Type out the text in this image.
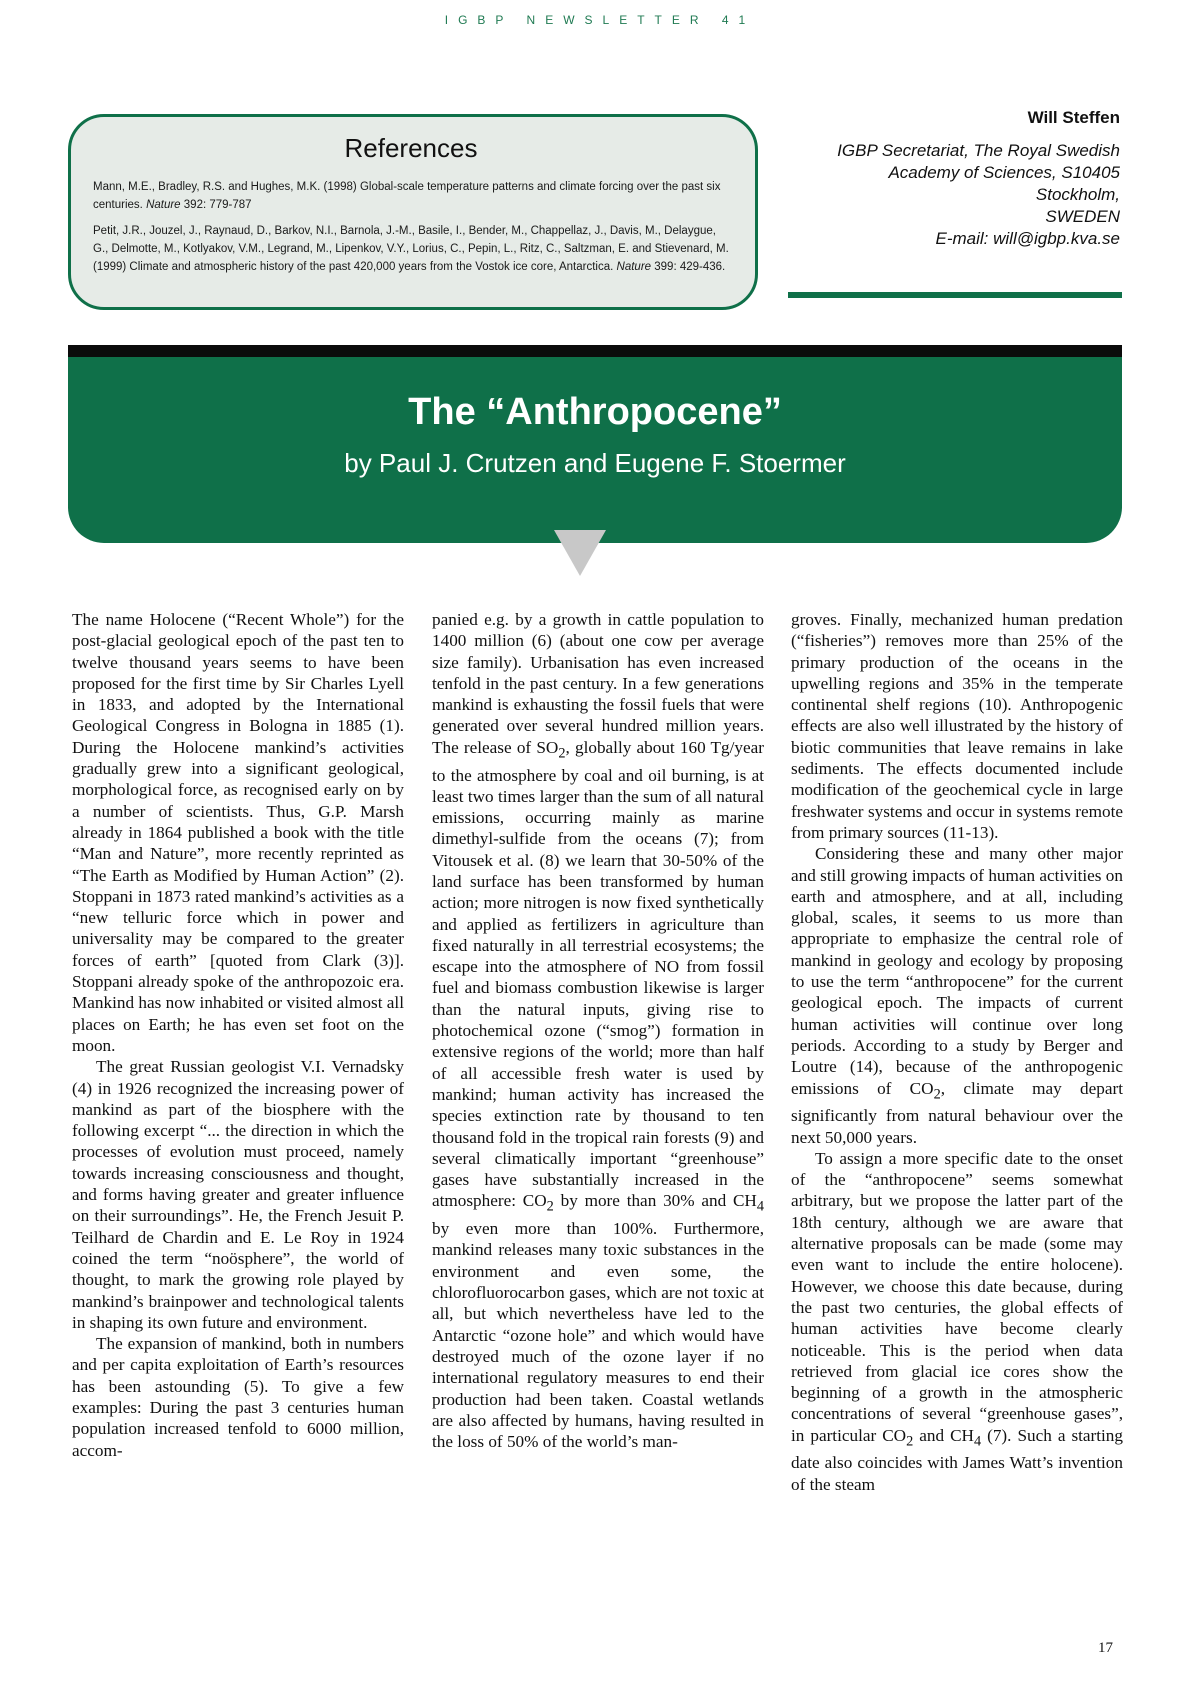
IGBP NEWSLETTER 41
References

Mann, M.E., Bradley, R.S. and Hughes, M.K. (1998) Global-scale temperature patterns and climate forcing over the past six centuries. Nature 392: 779-787

Petit, J.R., Jouzel, J., Raynaud, D., Barkov, N.I., Barnola, J.-M., Basile, I., Bender, M., Chappellaz, J., Davis, M., Delaygue, G., Delmotte, M., Kotlyakov, V.M., Legrand, M., Lipenkov, V.Y., Lorius, C., Pepin, L., Ritz, C., Saltzman, E. and Stievenard, M. (1999) Climate and atmospheric history of the past 420,000 years from the Vostok ice core, Antarctica. Nature 399: 429-436.

Will Steffen
IGBP Secretariat, The Royal Swedish
Academy of Sciences, S10405
Stockholm,
SWEDEN
E-mail: will@igbp.kva.se
The “Anthropocene”
by Paul J. Crutzen and Eugene F. Stoermer

The name Holocene (“Recent Whole”) for the post-glacial geological epoch of the past ten to twelve thousand years seems to have been proposed for the first time by Sir Charles Lyell in 1833, and adopted by the International Geological Congress in Bologna in 1885 (1). During the Holocene mankind’s activities gradually grew into a significant geological, morphological force, as recognised early on by a number of scientists. Thus, G.P. Marsh already in 1864 published a book with the title “Man and Nature”, more recently reprinted as “The Earth as Modified by Human Action” (2). Stoppani in 1873 rated mankind’s activities as a “new telluric force which in power and universality may be compared to the greater forces of earth” [quoted from Clark (3)]. Stoppani already spoke of the anthropozoic era. Mankind has now inhabited or visited almost all places on Earth; he has even set foot on the moon.

The great Russian geologist V.I. Vernadsky (4) in 1926 recognized the increasing power of mankind as part of the biosphere with the following excerpt “... the direction in which the processes of evolution must proceed, namely towards increasing consciousness and thought, and forms having greater and greater influence on their surroundings”. He, the French Jesuit P. Teilhard de Chardin and E. Le Roy in 1924 coined the term “noösphere”, the world of thought, to mark the growing role played by mankind’s brainpower and technological talents in shaping its own future and environment.

The expansion of mankind, both in numbers and per capita exploitation of Earth’s resources has been astounding (5). To give a few examples: During the past 3 centuries human population increased tenfold to 6000 million, accom-

panied e.g. by a growth in cattle population to 1400 million (6) (about one cow per average size family). Urbanisation has even increased tenfold in the past century. In a few generations mankind is exhausting the fossil fuels that were generated over several hundred million years. The release of $SO_2$, globally about 160 Tg/year to the atmosphere by coal and oil burning, is at least two times larger than the sum of all natural emissions, occurring mainly as marine dimethyl-sulfide from the oceans (7); from Vitousek et al. (8) we learn that 30-50% of the land surface has been transformed by human action; more nitrogen is now fixed synthetically and applied as fertilizers in agriculture than fixed naturally in all terrestrial ecosystems; the escape into the atmosphere of NO from fossil fuel and biomass combustion likewise is larger than the natural inputs, giving rise to photochemical ozone (“smog”) formation in extensive regions of the world; more than half of all accessible fresh water is used by mankind; human activity has increased the species extinction rate by thousand to ten thousand fold in the tropical rain forests (9) and several climatically important “greenhouse” gases have substantially increased in the atmosphere: $CO_2$ by more than 30% and $CH_4$ by even more than 100%. Furthermore, mankind releases many toxic substances in the environment and even some, the chlorofluorocarbon gases, which are not toxic at all, but which nevertheless have led to the Antarctic “ozone hole” and which would have destroyed much of the ozone layer if no international regulatory measures to end their production had been taken. Coastal wetlands are also affected by humans, having resulted in the loss of 50% of the world’s man-

groves. Finally, mechanized human predation (“fisheries”) removes more than 25% of the primary production of the oceans in the upwelling regions and 35% in the temperate continental shelf regions (10). Anthropogenic effects are also well illustrated by the history of biotic communities that leave remains in lake sediments. The effects documented include modification of the geochemical cycle in large freshwater systems and occur in systems remote from primary sources (11-13).

Considering these and many other major and still growing impacts of human activities on earth and atmosphere, and at all, including global, scales, it seems to us more than appropriate to emphasize the central role of mankind in geology and ecology by proposing to use the term “anthropocene” for the current geological epoch. The impacts of current human activities will continue over long periods. According to a study by Berger and Loutre (14), because of the anthropogenic emissions of $CO_2$, climate may depart significantly from natural behaviour over the next 50,000 years.

To assign a more specific date to the onset of the “anthropocene” seems somewhat arbitrary, but we propose the latter part of the 18th century, although we are aware that alternative proposals can be made (some may even want to include the entire holocene). However, we choose this date because, during the past two centuries, the global effects of human activities have become clearly noticeable. This is the period when data retrieved from glacial ice cores show the beginning of a growth in the atmospheric concentrations of several “greenhouse gases”, in particular $CO_2$ and $CH_4$ (7). Such a starting date also coincides with James Watt’s invention of the steam

17
